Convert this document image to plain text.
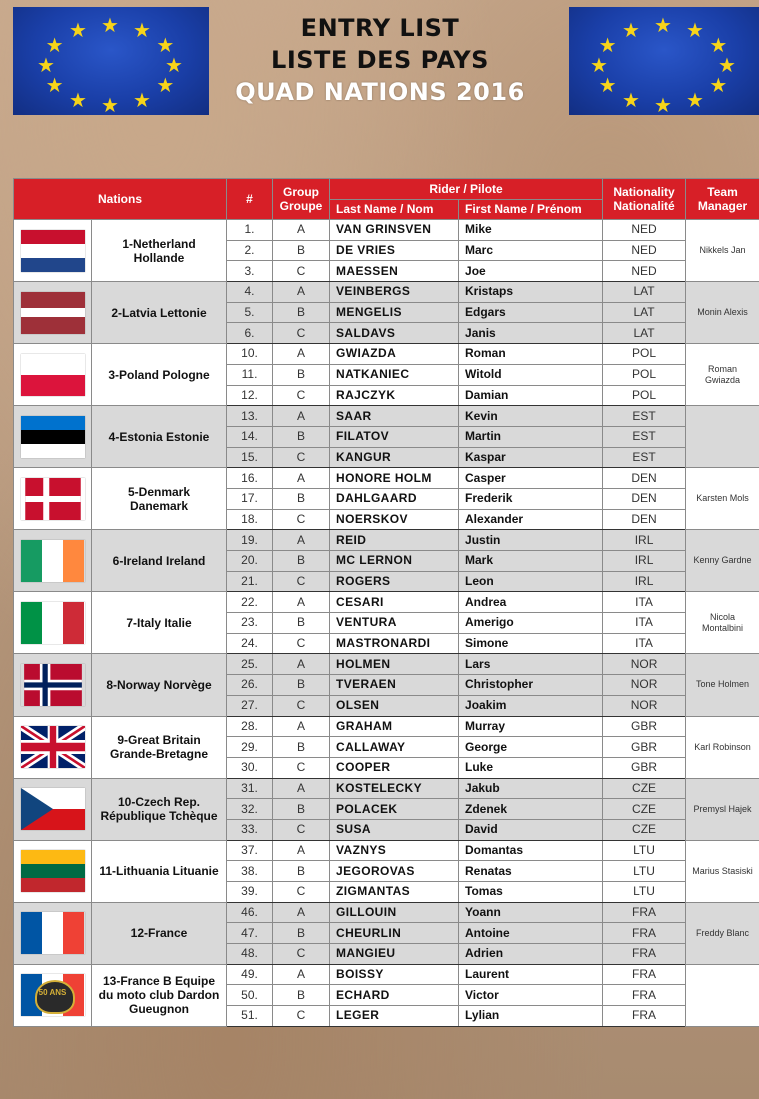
★ ★
★
★
★
★
★
★
★
★
★
★	★ ★
★
★
★
★
★
★
★
★
★
★
ENTRY LIST
LISTE DES PAYS
QUAD NATIONS 2016
Nations		#	Group Groupe	Rider / Pilote		Nationality Nationalité	Team Manager
				Last Name / Nom	First Name / Prénom		

	1-Netherland Hollande	1.	A	VAN GRINSVEN	Mike	NED	Nikkels Jan
		2.	B	DE VRIES	Marc	NED	
		3.	C	MAESSEN	Joe	NED	

	2-Latvia Lettonie	4.	A	VEINBERGS	Kristaps	LAT	Monin Alexis
		5.	B	MENGELIS	Edgars	LAT	
		6.	C	SALDAVS	Janis	LAT	

	3-Poland Pologne	10.	A	GWIAZDA	Roman	POL	Roman Gwiazda
		11.	B	NATKANIEC	Witold	POL	
		12.	C	RAJCZYK	Damian	POL	

	4-Estonia Estonie	13.	A	SAAR	Kevin	EST	
		14.	B	FILATOV	Martin	EST	
		15.	C	KANGUR	Kaspar	EST	

	5-Denmark Danemark	16.	A	HONORE HOLM	Casper	DEN	Karsten Mols
		17.	B	DAHLGAARD	Frederik	DEN	
		18.	C	NOERSKOV	Alexander	DEN	

	6-Ireland Ireland	19.	A	REID	Justin	IRL	Kenny Gardne
		20.	B	MC LERNON	Mark	IRL	
		21.	C	ROGERS	Leon	IRL	

	7-Italy Italie	22.	A	CESARI	Andrea	ITA	Nicola Montalbini
		23.	B	VENTURA	Amerigo	ITA	
		24.	C	MASTRONARDI	Simone	ITA	

	8-Norway Norvège	25.	A	HOLMEN	Lars	NOR	Tone Holmen
		26.	B	TVERAEN	Christopher	NOR	
		27.	C	OLSEN	Joakim	NOR	

	9-Great Britain Grande-Bretagne	28.	A	GRAHAM	Murray	GBR	Karl Robinson
		29.	B	CALLAWAY	George	GBR	
		30.	C	COOPER	Luke	GBR	

	10-Czech Rep. République Tchèque	31.	A	KOSTELECKY	Jakub	CZE	Premysl Hajek
		32.	B	POLACEK	Zdenek	CZE	
		33.	C	SUSA	David	CZE	

	11-Lithuania Lituanie	37.	A	VAZNYS	Domantas	LTU	Marius Stasiski
		38.	B	JEGOROVAS	Renatas	LTU	
		39.	C	ZIGMANTAS	Tomas	LTU	

	12-France	46.	A	GILLOUIN	Yoann	FRA	Freddy Blanc
		47.	B	CHEURLIN	Antoine	FRA	
		48.	C	MANGIEU	Adrien	FRA	

50 ANS	13-France B Equipe du moto club Dardon Gueugnon	49.	A	BOISSY	Laurent	FRA	
		50.	B	ECHARD	Victor	FRA	
		51.	C	LEGER	Lylian	FRA	
